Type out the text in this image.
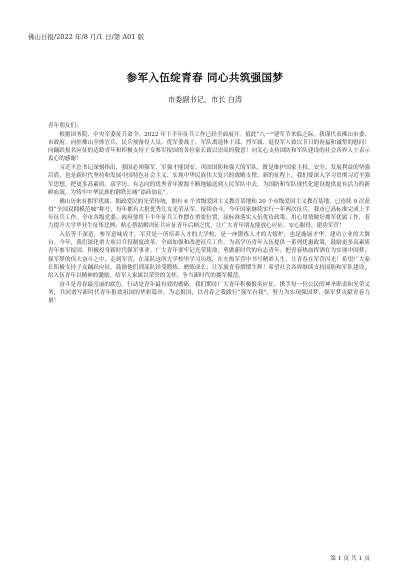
佛山日报/2022 年/8 月/1 日/第 A01 版
参军入伍绽青春 同心共筑强国梦
市委副书记、市长 白涛

青年朋友们：

根据国务院、中央军委征兵命令，2022 年下半年征兵工作已经全面展开。值此“八一”建军节来临之际，我谨代表佛山市委、市政府，向驻佛山全体官兵、民兵预备役人员、优军委战士、军队离退休干部、烈军属、退役军人致以节日的祝福和诚挚的慰问！向踊跃报名应征的适龄青年和积极支持子女参军报国的各位家长致以崇高的敬意！向关心支持国防和军队建设的社会各界人士表示衷心的感谢！

习近平总书记深刻指出，强国必须强军，军强才能国安。巩固国防和强大的军队，既是维护国家主权、安全、发展利益的坚强后盾，也是新时代坚持和发展中国特色社会主义、实现中华民族伟大复兴的战略支撑。新的征程上，我们要深入学习贯彻习近平强军思想，把更多高素质、高学历、有志向的优秀青年源源不断地输送到人民军队中去，为国防和军队现代化建设提供更有活力的新鲜血液，为铸牢中华民族的钢铁长城“添砖加瓦”。

佛山历来有拥军优属、拥政爱民的光荣传统，拥有 6 个省级爱国主义教育基地和 20 个市级爱国主义教育基地，已连续 9 次获得“全国双拥模范城”称号，每年都有大批优秀儿女光荣从军、接续奋斗。今年国家继续实行一年两次征兵，我市已高标准完成上半年征兵工作。全市各级党委、政府要将下半年征兵工作摆在重要位置，高标准落实入伍优待政策，用心用情做好拥军优属工作，着力提升大学毕业生征集比例；贴心帮助解决征兵应征青年后顾之忧，让广大青年朋友能放心应征、安心服役、建功军营！

入伍等于深造，参军意味成才，军营是一所培养人才的大学校，是一座锻炼人才的大熔炉，也是施展才华、建功立业的大舞台。今年，我们深化重大项目兵役制度改革，全面加强和改进征兵工作，为高学历青年入伍提供一系列优惠政策，鼓励更多高素质青年参军报国、积极投身新时代强军事业。广大青年要牢记光荣使命，勇做新时代的有志青年；把青春热血挥洒在为实现中国梦、强军梦的伟大奋斗之中，走到军营，在部队这所大学校里学习历练，在火热军营中书写精彩人生，让青春在军营闪光！希望广大家长积极支持子女踊跃应征，鼓励他们到部队经受锻炼、磨炼成长；让军旅青春熠熠生辉！希望社会各界继续支持国防和军队建设，给入伍青年以精神的激励、给军人家属以荣誉的关怀，争当新时代的拥军模范。

奋斗是青春最亮丽的底色。行动是青年最有效的磨砺。我们期待广大青年积极报名应征，携手每一位公民的神圣职责和光荣义务，共同谱写新时代青年报效祖国的华彩篇章。为志报国，以青春之我践行“强军有我”，努力为实现强国梦、强军梦贡献青春力量！

第 1 页 共 1 页
